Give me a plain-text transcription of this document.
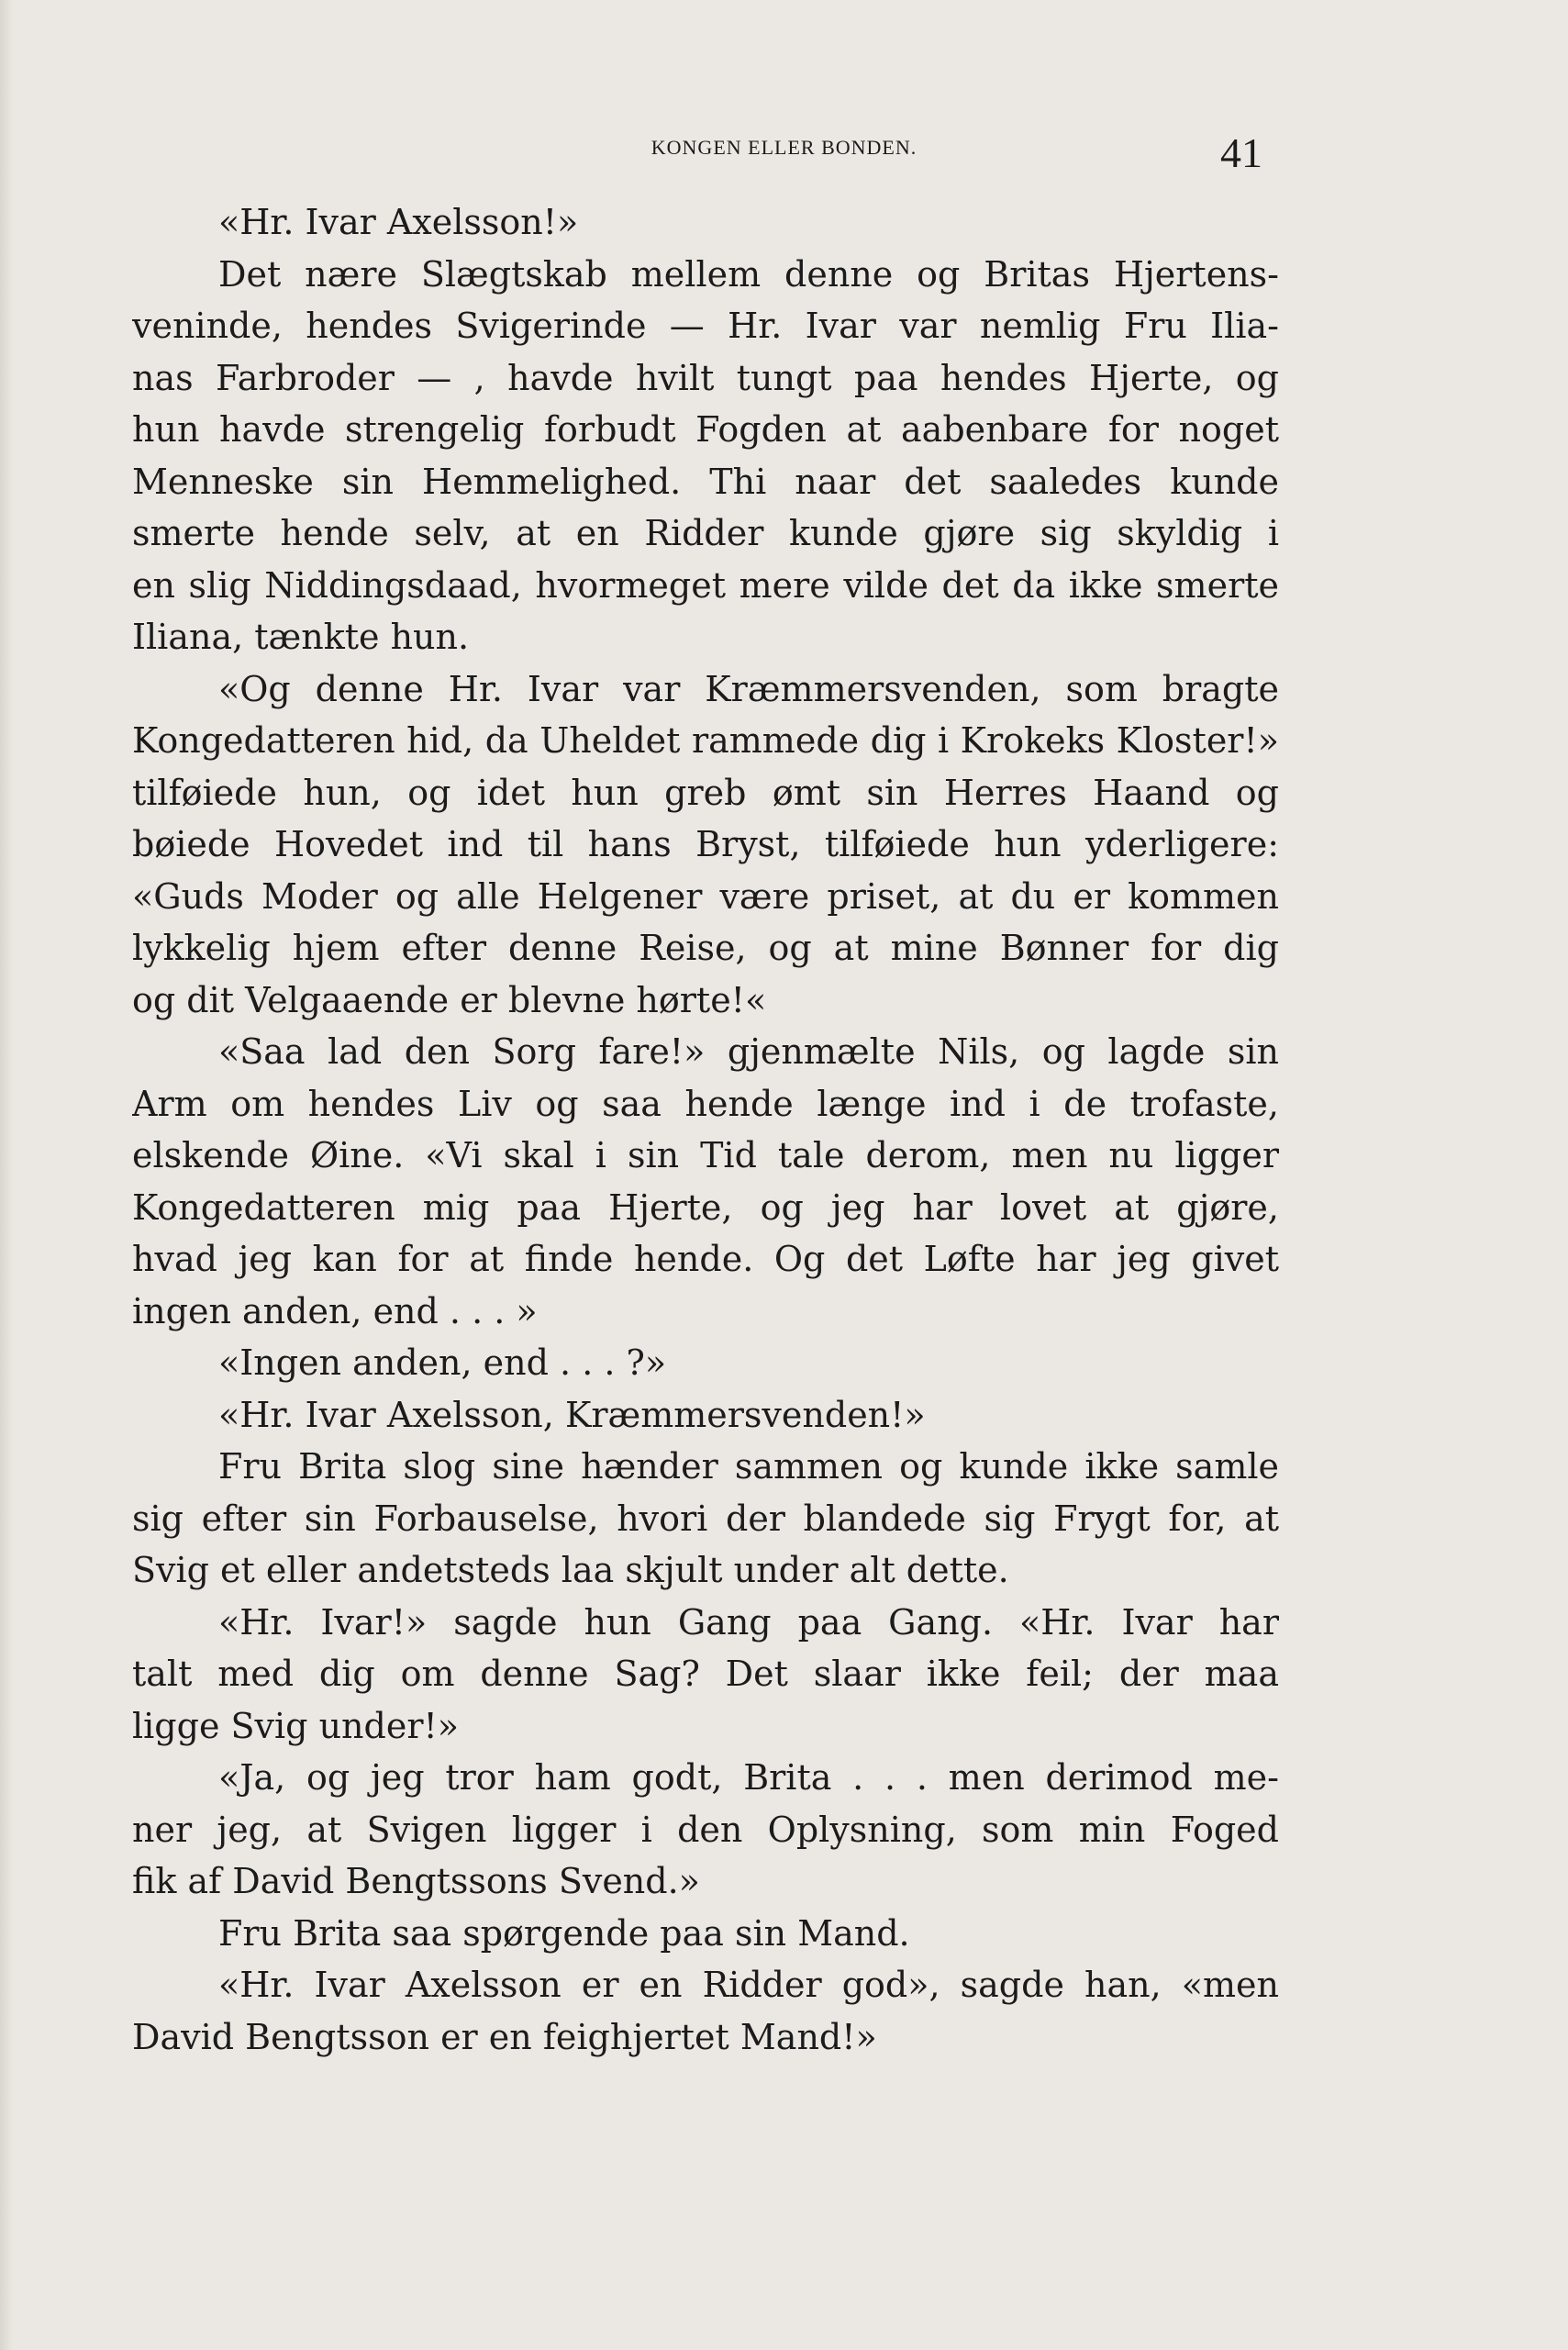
KONGEN ELLER BONDEN.	41
«Hr. Ivar Axelsson!»
Det nære Slægtskab mellem denne og Britas Hjertens-
veninde, hendes Svigerinde — Hr. Ivar var nemlig Fru Ilia-
nas Farbroder — , havde hvilt tungt paa hendes Hjerte, og
hun havde strengelig forbudt Fogden at aabenbare for noget
Menneske sin Hemmelighed. Thi naar det saaledes kunde
smerte hende selv, at en Ridder kunde gjøre sig skyldig i
en slig Niddingsdaad, hvormeget mere vilde det da ikke smerte
Iliana, tænkte hun.
«Og denne Hr. Ivar var Kræmmersvenden, som bragte
Kongedatteren hid, da Uheldet rammede dig i Krokeks Kloster!»
tilføiede hun, og idet hun greb ømt sin Herres Haand og
bøiede Hovedet ind til hans Bryst, tilføiede hun yderligere:
«Guds Moder og alle Helgener være priset, at du er kommen
lykkelig hjem efter denne Reise, og at mine Bønner for dig
og dit Velgaaende er blevne hørte!«
«Saa lad den Sorg fare!» gjenmælte Nils, og lagde sin
Arm om hendes Liv og saa hende længe ind i de trofaste,
elskende Øine. «Vi skal i sin Tid tale derom, men nu ligger
Kongedatteren mig paa Hjerte, og jeg har lovet at gjøre,
hvad jeg kan for at finde hende. Og det Løfte har jeg givet
ingen anden, end . . . »
«Ingen anden, end . . . ?»
«Hr. Ivar Axelsson, Kræmmersvenden!»
Fru Brita slog sine hænder sammen og kunde ikke samle
sig efter sin Forbauselse, hvori der blandede sig Frygt for, at
Svig et eller andetsteds laa skjult under alt dette.
«Hr. Ivar!» sagde hun Gang paa Gang. «Hr. Ivar har
talt med dig om denne Sag? Det slaar ikke feil; der maa
ligge Svig under!»
«Ja, og jeg tror ham godt, Brita . . . men derimod me-
ner jeg, at Svigen ligger i den Oplysning, som min Foged
fik af David Bengtssons Svend.»
Fru Brita saa spørgende paa sin Mand.
«Hr. Ivar Axelsson er en Ridder god», sagde han, «men
David Bengtsson er en feighjertet Mand!»
